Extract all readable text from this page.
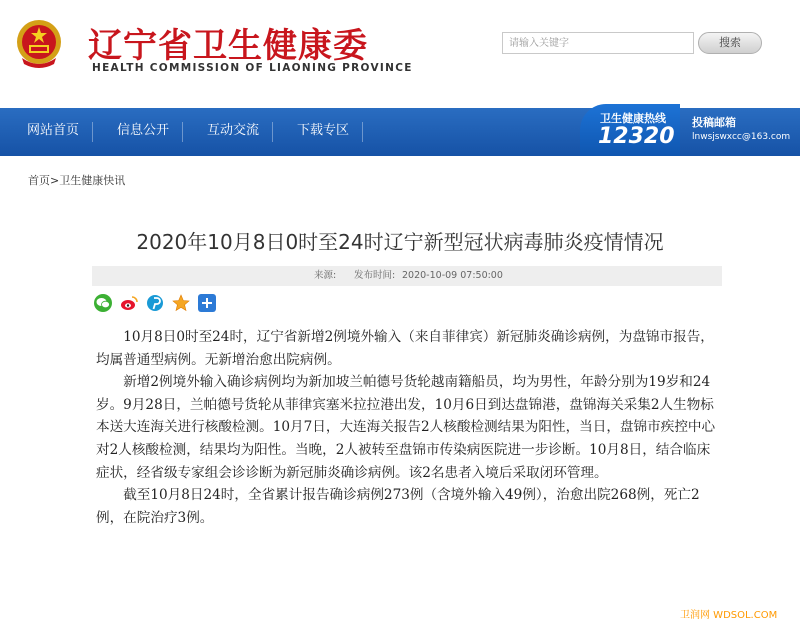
辽宁省卫生健康委
HEALTH COMMISSION OF LIAONING PROVINCE
请输入关键字
搜索
网站首页	信息公开	互动交流	下载专区
卫生健康热线
12320
投稿邮箱
lnwsjswxcc@163.com
首页>卫生健康快讯
2020年10月8日0时至24时辽宁新型冠状病毒肺炎疫情情况
来源: 发布时间: 2020-10-09 07:50:00

10月8日0时至24时，辽宁省新增2例境外输入（来自菲律宾）新冠肺炎确诊病例，为盘锦市报告，均属普通型病例。无新增治愈出院病例。

新增2例境外输入确诊病例均为新加坡兰帕德号货轮越南籍船员，均为男性，年龄分别为19岁和24岁。9月28日，兰帕德号货轮从菲律宾塞米拉拉港出发，10月6日到达盘锦港，盘锦海关采集2人生物标本送大连海关进行核酸检测。10月7日，大连海关报告2人核酸检测结果为阳性，当日，盘锦市疾控中心对2人核酸检测，结果均为阳性。当晚，2人被转至盘锦市传染病医院进一步诊断。10月8日，结合临床症状，经省级专家组会诊诊断为新冠肺炎确诊病例。该2名患者入境后采取闭环管理。

截至10月8日24时，全省累计报告确诊病例273例（含境外输入49例），治愈出院268例，死亡2例，在院治疗3例。

卫润网 WDSOL.COM
